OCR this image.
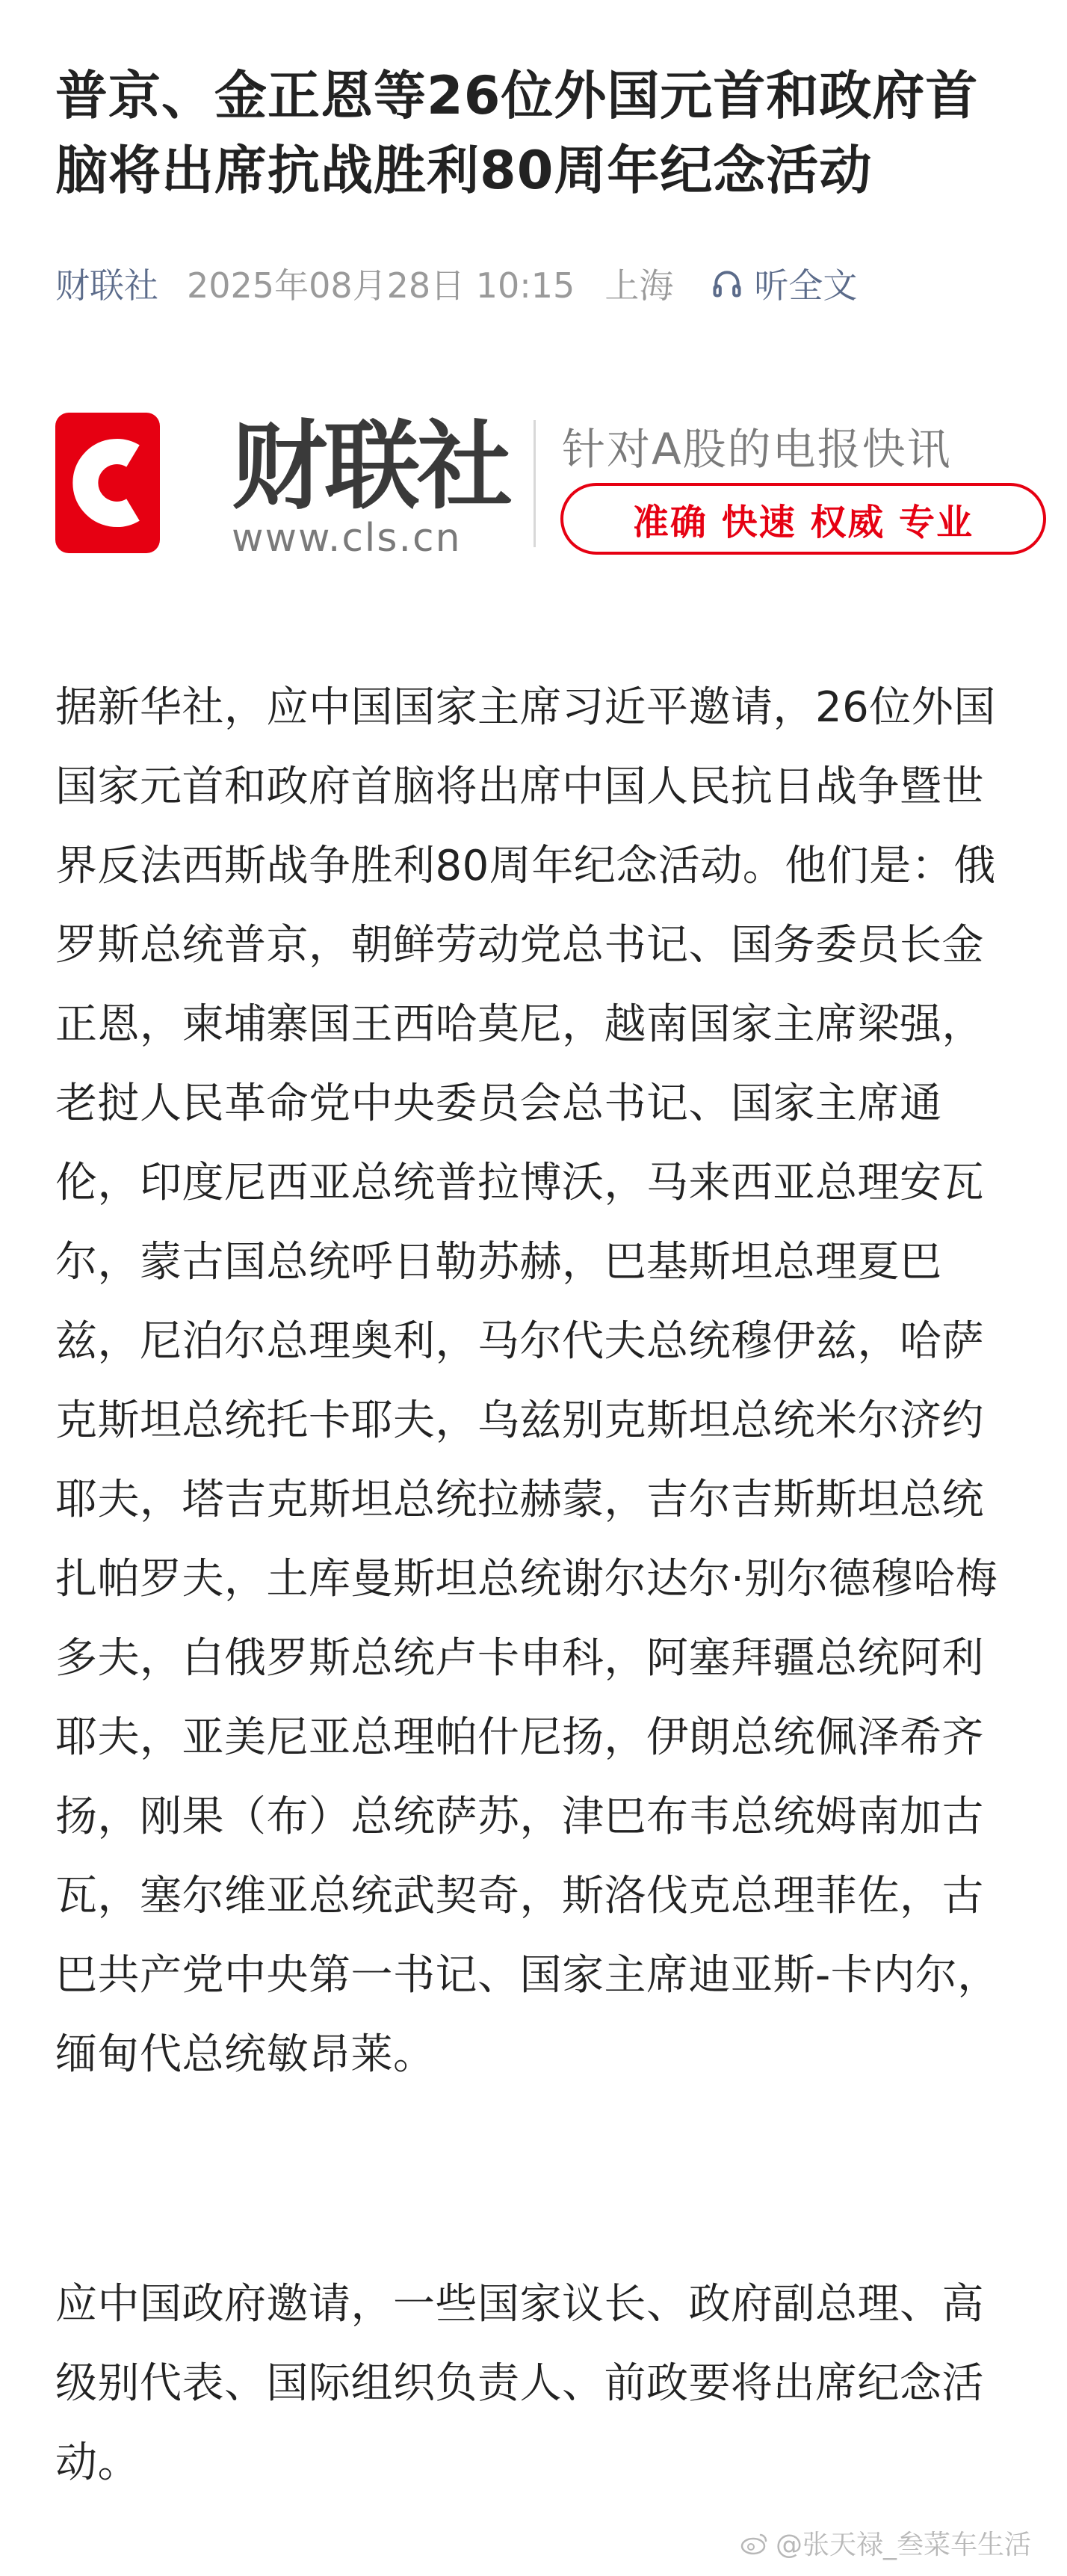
普京、金正恩等26位外国元首和政府首脑将出席抗战胜利80周年纪念活动
财联社 2025年08月28日 10:15 上海 听全文
财联社
www.cls.cn
针对A股的电报快讯
准确 快速 权威 专业

据新华社，应中国国家主席习近平邀请，26位外国国家元首和政府首脑将出席中国人民抗日战争暨世界反法西斯战争胜利80周年纪念活动。他们是：俄罗斯总统普京，朝鲜劳动党总书记、国务委员长金正恩，柬埔寨国王西哈莫尼，越南国家主席梁强，老挝人民革命党中央委员会总书记、国家主席通伦，印度尼西亚总统普拉博沃，马来西亚总理安瓦尔，蒙古国总统呼日勒苏赫，巴基斯坦总理夏巴兹，尼泊尔总理奥利，马尔代夫总统穆伊兹，哈萨克斯坦总统托卡耶夫，乌兹别克斯坦总统米尔济约耶夫，塔吉克斯坦总统拉赫蒙，吉尔吉斯斯坦总统扎帕罗夫，土库曼斯坦总统谢尔达尔·别尔德穆哈梅多夫，白俄罗斯总统卢卡申科，阿塞拜疆总统阿利耶夫，亚美尼亚总理帕什尼扬，伊朗总统佩泽希齐扬，刚果（布）总统萨苏，津巴布韦总统姆南加古瓦，塞尔维亚总统武契奇，斯洛伐克总理菲佐，古巴共产党中央第一书记、国家主席迪亚斯-卡内尔，缅甸代总统敏昂莱。

应中国政府邀请，一些国家议长、政府副总理、高级别代表、国际组织负责人、前政要将出席纪念活动。

@张天禄_叁菜车生活
